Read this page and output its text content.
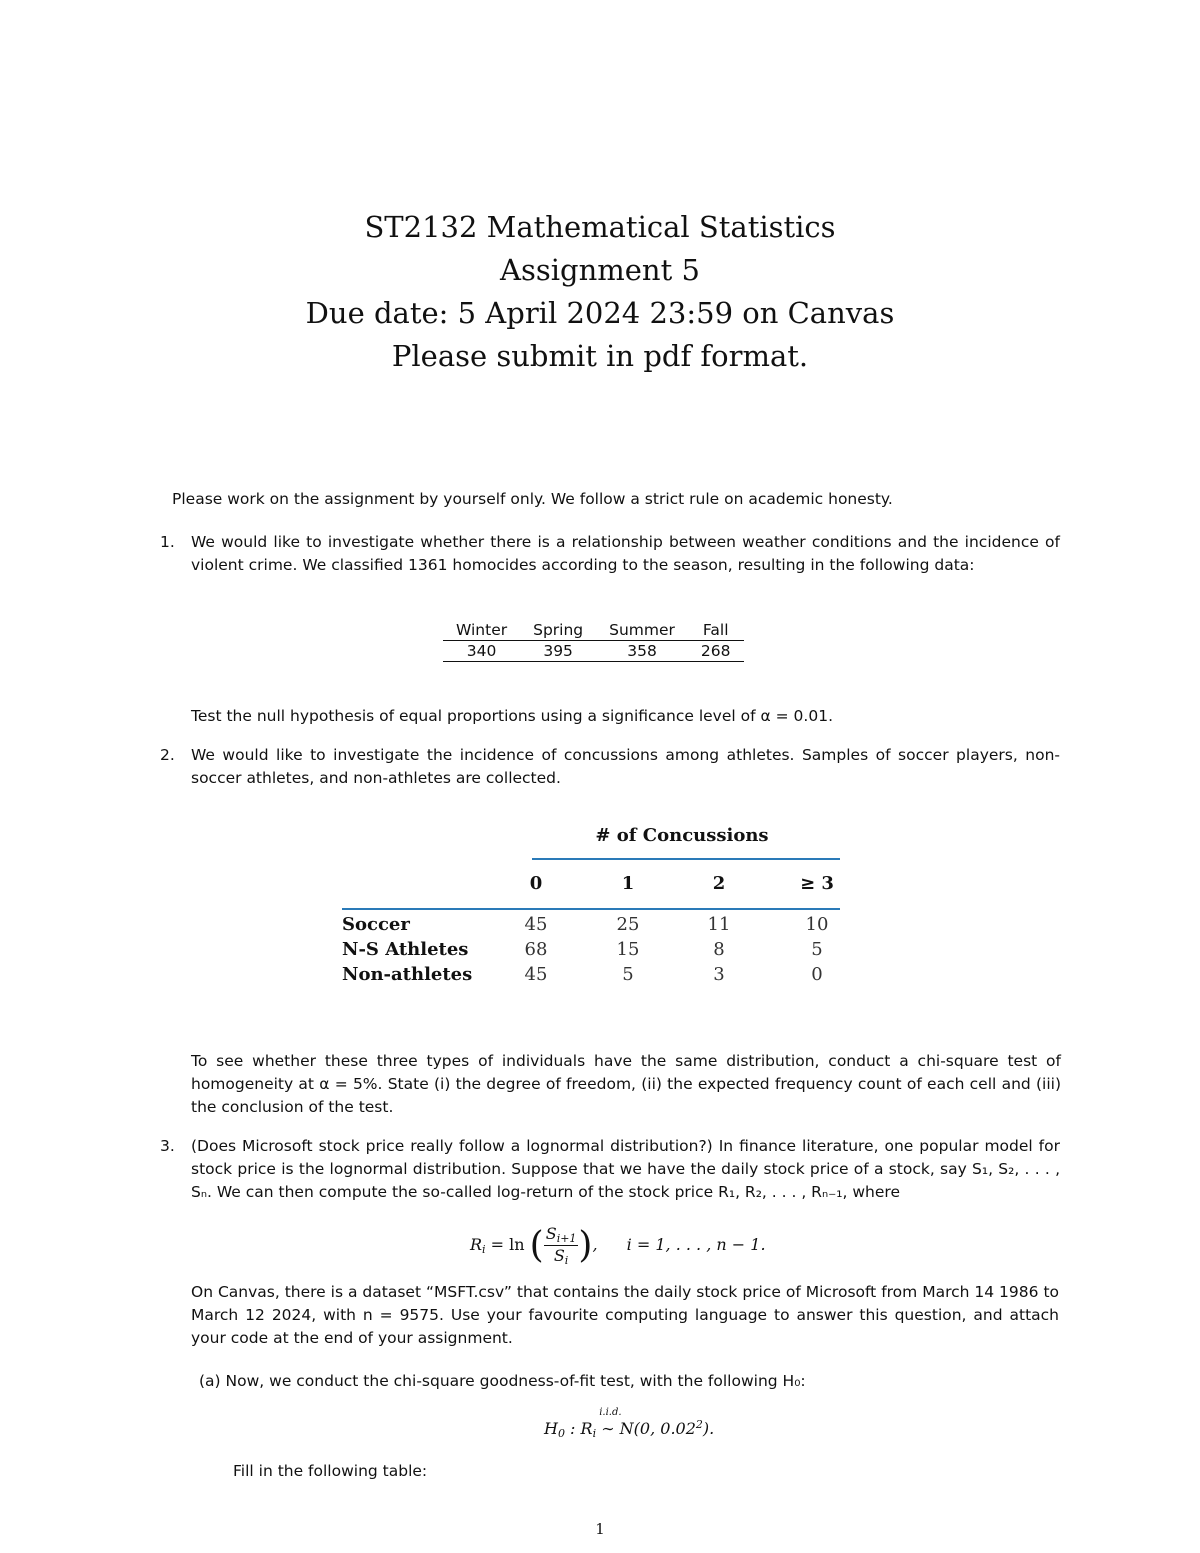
ST2132 Mathematical Statistics
Assignment 5
Due date: 5 April 2024 23:59 on Canvas
Please submit in pdf format.
Please work on the assignment by yourself only. We follow a strict rule on academic honesty.
1.	We would like to investigate whether there is a relationship between weather conditions and the incidence of violent crime. We classified 1361 homocides according to the season, resulting in the following data:
Winter	Spring	Summer	Fall
340	395	358	268
Test the null hypothesis of equal proportions using a significance level of α = 0.01.
2.	We would like to investigate the incidence of concussions among athletes. Samples of soccer players, non-soccer athletes, and non-athletes are collected.
# of Concussions
0	1	2	≥ 3
Soccer	45	25	11	10
N-S Athletes	68	15	8	5
Non-athletes	45	5	3	0
To see whether these three types of individuals have the same distribution, conduct a chi-square test of homogeneity at α = 5%. State (i) the degree of freedom, (ii) the expected frequency count of each cell and (iii) the conclusion of the test.
3.	(Does Microsoft stock price really follow a lognormal distribution?) In finance literature, one popular model for stock price is the lognormal distribution. Suppose that we have the daily stock price of a stock, say S₁, S₂, . . . , Sₙ. We can then compute the so-called log-return of the stock price R₁, R₂, . . . , Rₙ₋₁, where
$R_i = \ln$ ( $\frac{S_{i+1}}{S_i}$ ), i = 1, . . . , n − 1.
On Canvas, there is a dataset “MSFT.csv” that contains the daily stock price of Microsoft from March 14 1986 to March 12 2024, with n = 9575. Use your favourite computing language to answer this question, and attach your code at the end of your assignment.
(a) Now, we conduct the chi-square goodness-of-fit test, with the following H₀:
$H_0$ : $R_i$
i.i.d.
∼ N(0, 0.02$^2$).
Fill in the following table:
1
